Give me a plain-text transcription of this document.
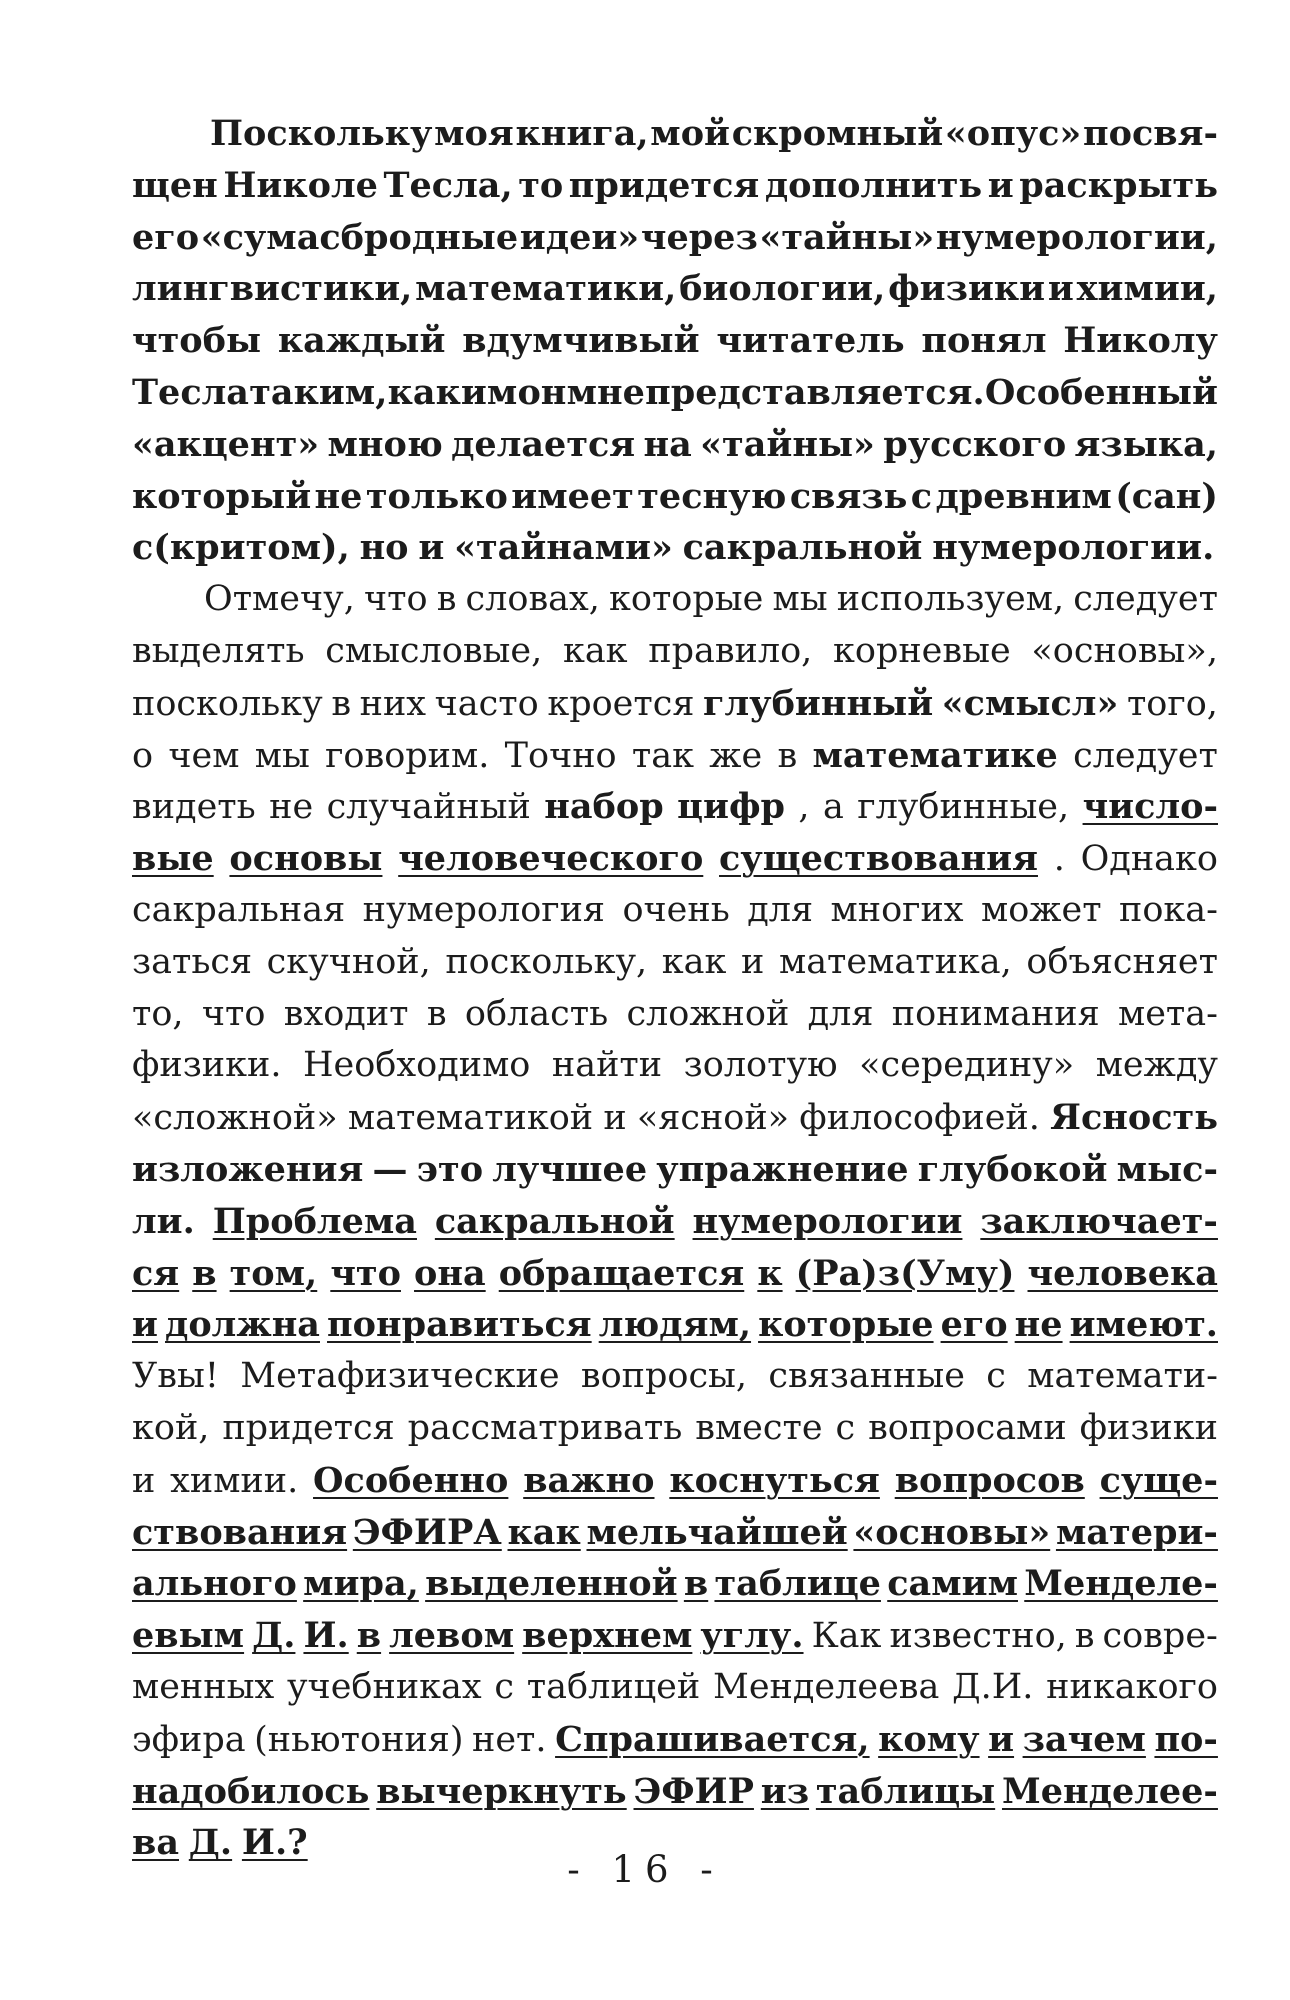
Поскольку моя книга, мой скромный «опус» посвя-
щен Николе Тесла, то придется дополнить и раскрыть
его «сумасбродные идеи» через «тайны» нумерологии,
лингвистики, математики, биологии, физики и химии,
чтобы каждый вдумчивый читатель понял Николу
Тесла таким, каким он мне представляется. Особенный
«акцент» мною делается на «тайны» русского языка,
который не только имеет тесную связь с древним (сан)
с(критом), но и «тайнами» сакральной нумерологии.
Отмечу, что в словах, которые мы используем, следует
выделять смысловые, как правило, корневые «основы»,
поскольку в них часто кроется глубинный «смысл» того,
о чем мы говорим. Точно так же в математике следует
видеть не случайный набор цифр , а глубинные, число-
вые основы человеческого существования . Однако
сакральная нумерология очень для многих может пока-
заться скучной, поскольку, как и математика, объясняет
то, что входит в область сложной для понимания мета-
физики. Необходимо найти золотую «середину» между
«сложной» математикой и «ясной» философией. Ясность
изложения — это лучшее упражнение глубокой мыс-
ли. Проблема сакральной нумерологии заключает-
ся в том, что она обращается к (Ра)з(Уму) человека
и должна понравиться людям, которые его не имеют.
Увы! Метафизические вопросы, связанные с математи-
кой, придется рассматривать вместе с вопросами физики
и химии. Особенно важно коснуться вопросов суще-
ствования ЭФИРА как мельчайшей «основы» матери-
ального мира, выделенной в таблице самим Менделе-
евым Д. И. в левом верхнем углу. Как известно, в совре-
менных учебниках с таблицей Менделеева Д.И. никакого
эфира (ньютония) нет. Спрашивается, кому и зачем по-
надобилось вычеркнуть ЭФИР из таблицы Менделее-
ва Д. И.?
- 16 -
